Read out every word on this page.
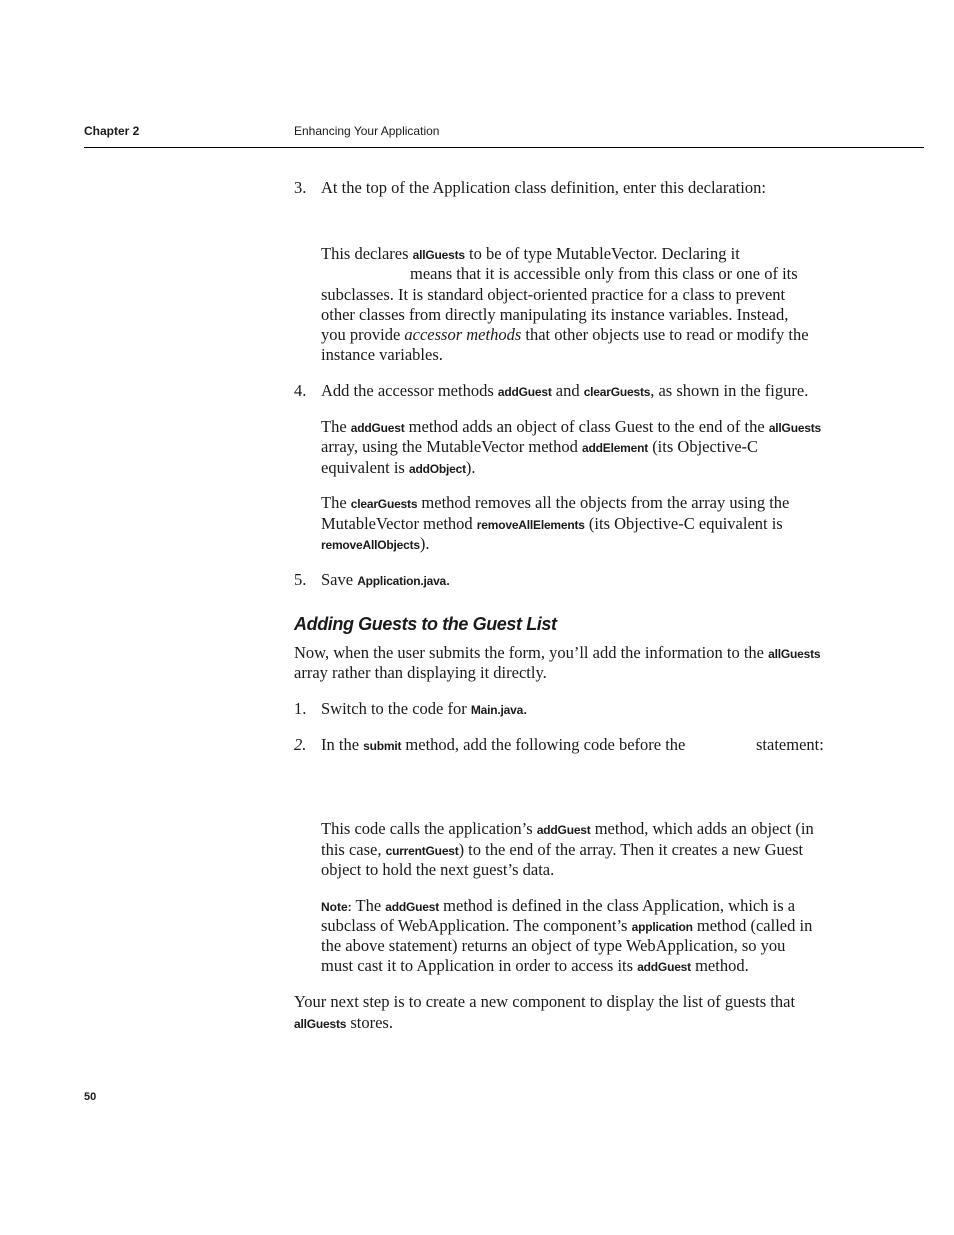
Chapter 2	Enhancing Your Application
3. At the top of the Application class definition, enter this declaration:

This declares allGuests to be of type MutableVector. Declaring it

means that it is accessible only from this class or one of its

subclasses. It is standard object-oriented practice for a class to prevent

other classes from directly manipulating its instance variables. Instead,

you provide accessor methods that other objects use to read or modify the

instance variables.

4. Add the accessor methods addGuest and clearGuests, as shown in the figure.

The addGuest method adds an object of class Guest to the end of the allGuests

array, using the MutableVector method addElement (its Objective-C

equivalent is addObject).

The clearGuests method removes all the objects from the array using the

MutableVector method removeAllElements (its Objective-C equivalent is

removeAllObjects).

5. Save Application.java.

Adding Guests to the Guest List

Now, when the user submits the form, you’ll add the information to the allGuests

array rather than displaying it directly.

1. Switch to the code for Main.java.

2. In the submit method, add the following code before the	statement:

This code calls the application’s addGuest method, which adds an object (in

this case, currentGuest) to the end of the array. Then it creates a new Guest

object to hold the next guest’s data.

Note: The addGuest method is defined in the class Application, which is a

subclass of WebApplication. The component’s application method (called in

the above statement) returns an object of type WebApplication, so you

must cast it to Application in order to access its addGuest method.

Your next step is to create a new component to display the list of guests that

allGuests stores.

50
